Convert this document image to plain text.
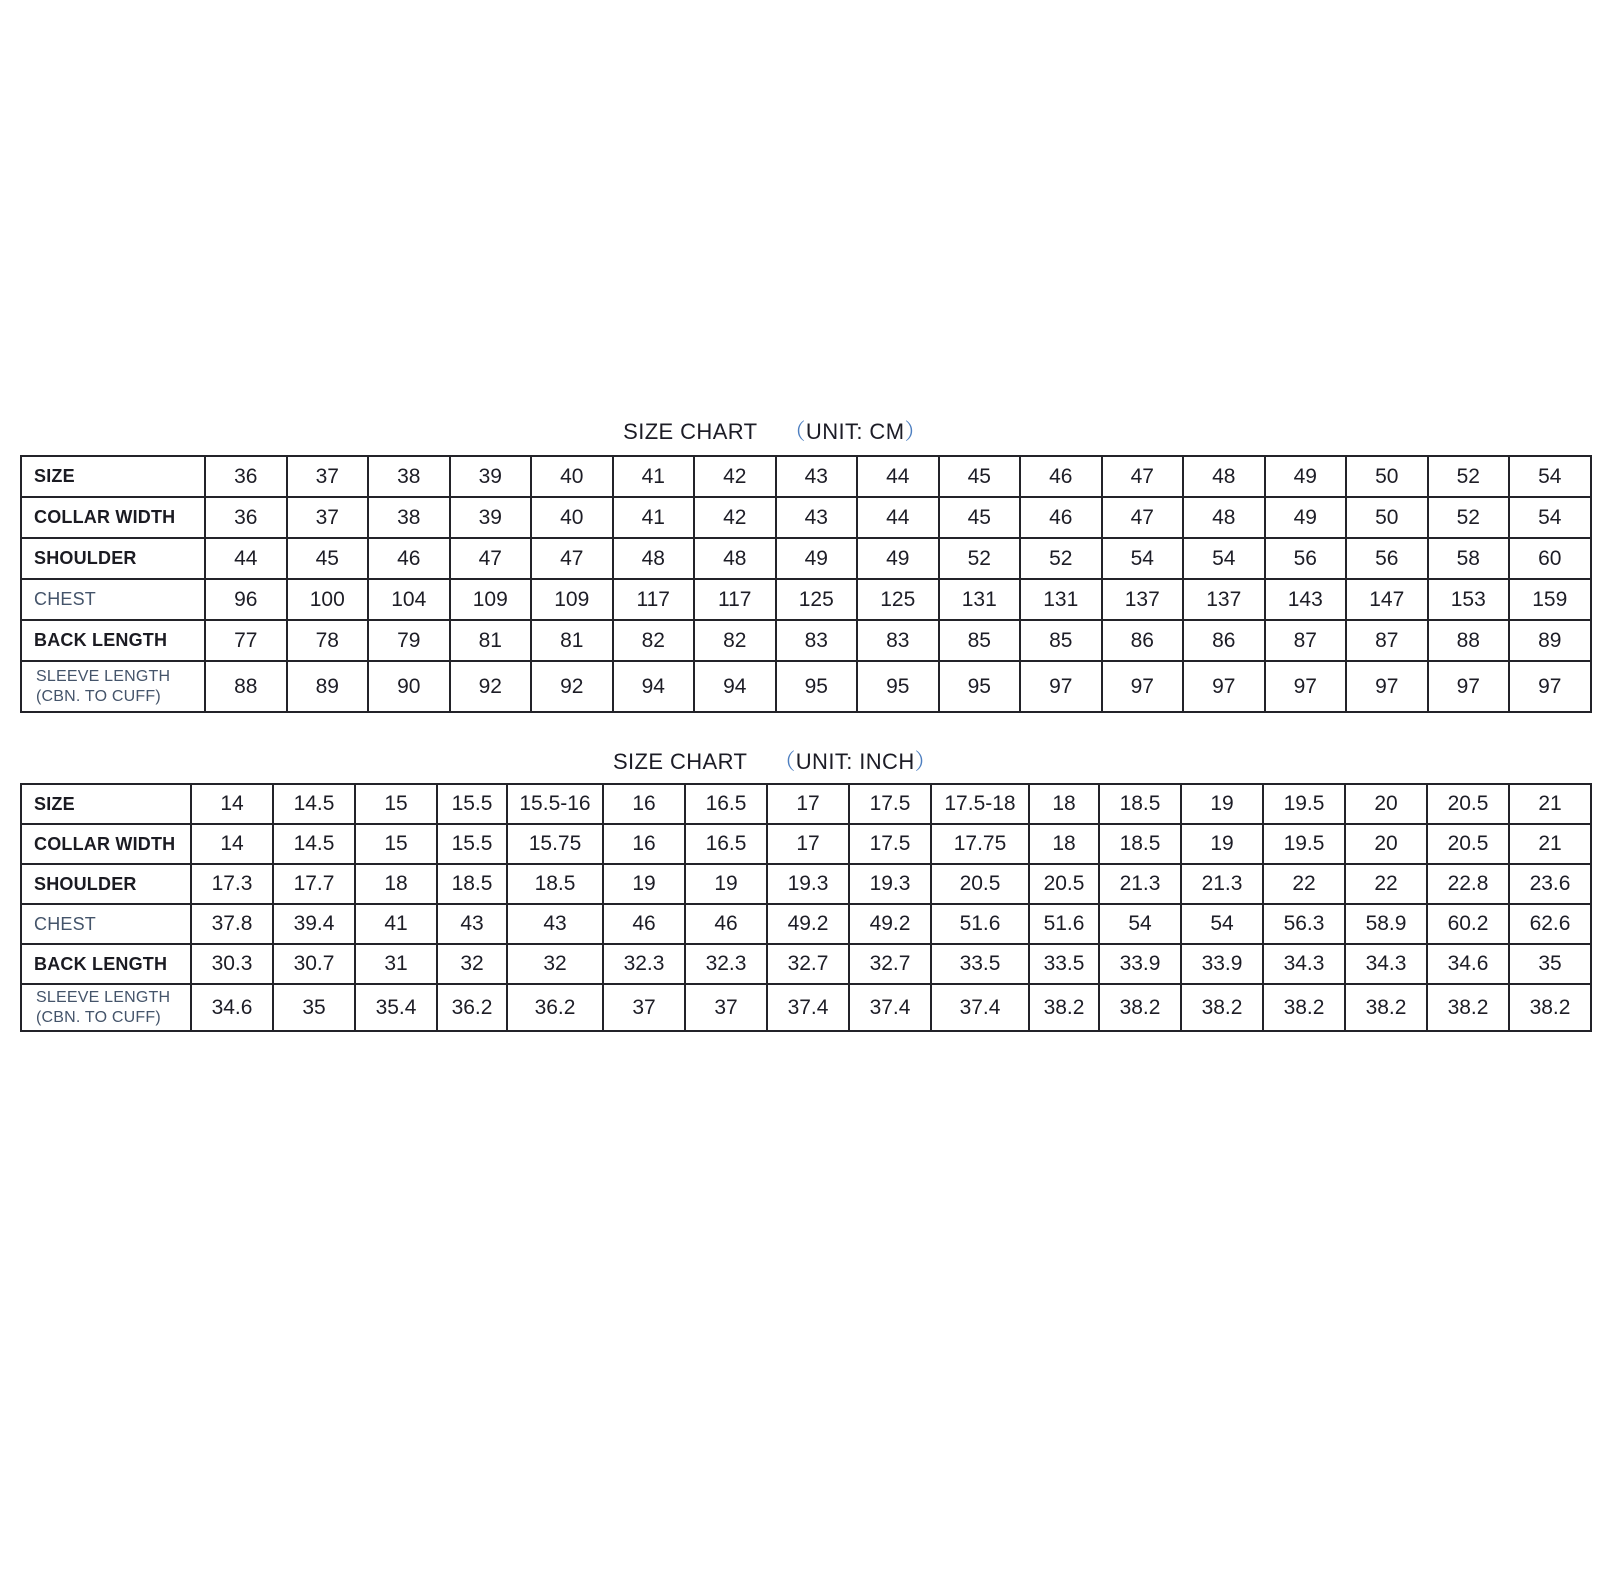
SIZE CHART （UNIT: CM）
SIZE	36	37	38	39	40	41	42	43	44	45	46	47	48	49	50	52	54

COLLAR WIDTH	36	37	38	39	40	41	42	43	44	45	46	47	48	49	50	52	54

SHOULDER	44	45	46	47	47	48	48	49	49	52	52	54	54	56	56	58	60

CHEST	96	100	104	109	109	117	117	125	125	131	131	137	137	143	147	153	159

BACK LENGTH	77	78	79	81	81	82	82	83	83	85	85	86	86	87	87	88	89

SLEEVE LENGTH
(CBN. TO CUFF)	88	89	90	92	92	94	94	95	95	95	97	97	97	97	97	97	97
SIZE CHART （UNIT: INCH）
SIZE	14	14.5	15	15.5	15.5-16	16	16.5	17	17.5	17.5-18	18	18.5	19	19.5	20	20.5	21

COLLAR WIDTH	14	14.5	15	15.5	15.75	16	16.5	17	17.5	17.75	18	18.5	19	19.5	20	20.5	21

SHOULDER	17.3	17.7	18	18.5	18.5	19	19	19.3	19.3	20.5	20.5	21.3	21.3	22	22	22.8	23.6

CHEST	37.8	39.4	41	43	43	46	46	49.2	49.2	51.6	51.6	54	54	56.3	58.9	60.2	62.6

BACK LENGTH	30.3	30.7	31	32	32	32.3	32.3	32.7	32.7	33.5	33.5	33.9	33.9	34.3	34.3	34.6	35

SLEEVE LENGTH
(CBN. TO CUFF)	34.6	35	35.4	36.2	36.2	37	37	37.4	37.4	37.4	38.2	38.2	38.2	38.2	38.2	38.2	38.2
